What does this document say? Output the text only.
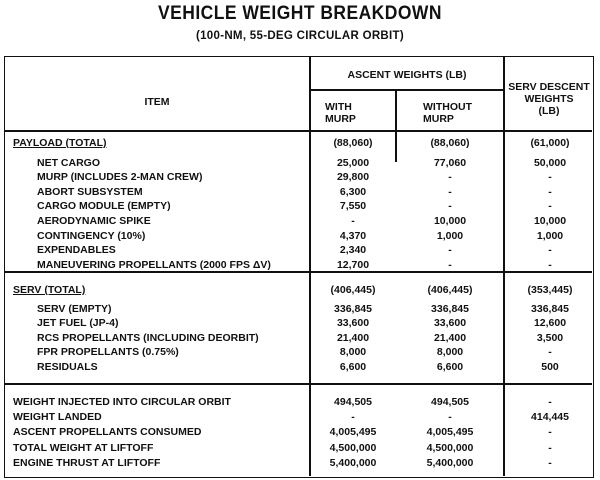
VEHICLE WEIGHT BREAKDOWN
(100-NM, 55-DEG CIRCULAR ORBIT)
ITEM
ASCENT WEIGHTS (LB)
WITH
MURP
WITHOUT
MURP
SERV DESCENT
WEIGHTS
(LB)
PAYLOAD (TOTAL)	(88,060)	(88,060)	(61,000)
NET CARGO	25,000	77,060	50,000
MURP (INCLUDES 2-MAN CREW)	29,800	-	-
ABORT SUBSYSTEM	6,300	-	-
CARGO MODULE (EMPTY)	7,550	-	-
AERODYNAMIC SPIKE	-	10,000	10,000
CONTINGENCY (10%)	4,370	1,000	1,000
EXPENDABLES	2,340	-	-
MANEUVERING PROPELLANTS (2000 FPS ΔV)	12,700	-	-
SERV (TOTAL)	(406,445)	(406,445)	(353,445)
SERV (EMPTY)	336,845	336,845	336,845
JET FUEL (JP-4)	33,600	33,600	12,600
RCS PROPELLANTS (INCLUDING DEORBIT)	21,400	21,400	3,500
FPR PROPELLANTS (0.75%)	8,000	8,000	-
RESIDUALS	6,600	6,600	500
WEIGHT INJECTED INTO CIRCULAR ORBIT	494,505	494,505	-
WEIGHT LANDED	-	-	414,445
ASCENT PROPELLANTS CONSUMED	4,005,495	4,005,495	-
TOTAL WEIGHT AT LIFTOFF	4,500,000	4,500,000	-
ENGINE THRUST AT LIFTOFF	5,400,000	5,400,000	-
